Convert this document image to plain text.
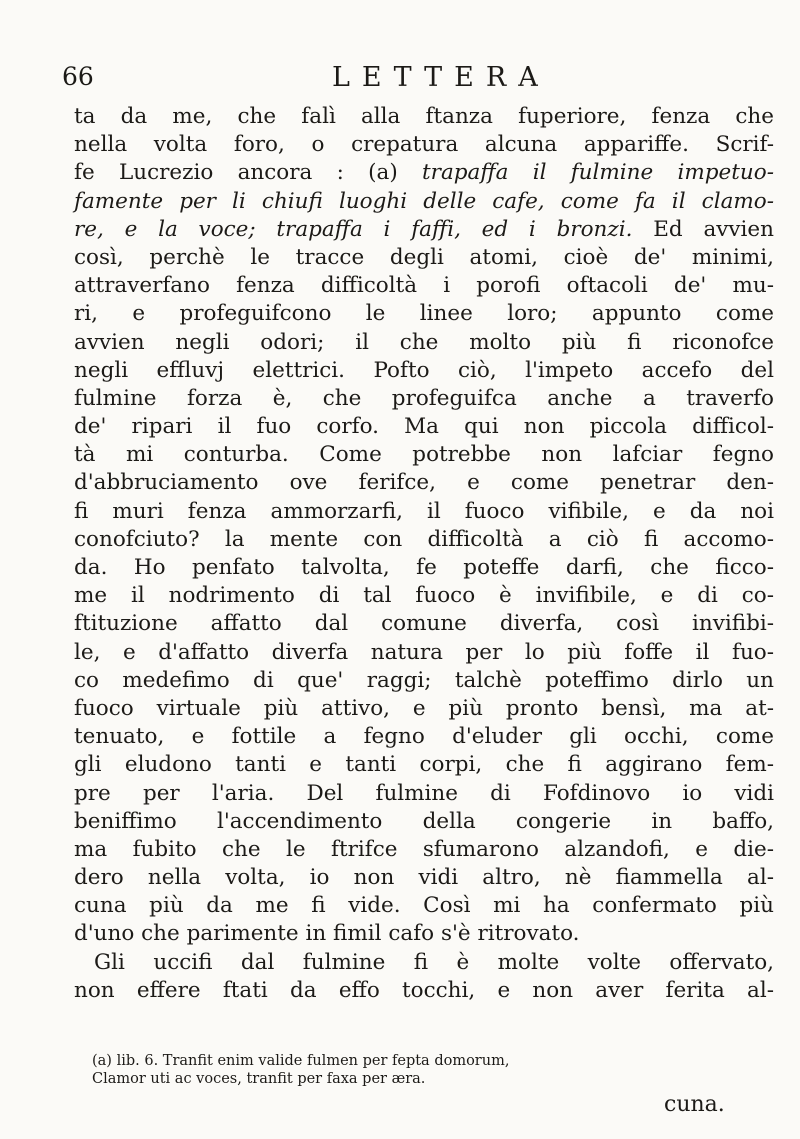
66	LETTERA
ta da me, che falì alla ftanza fuperiore, fenza che
nella volta foro, o crepatura alcuna appariffe. Scrif-
fe Lucrezio ancora : (a) trapaffa il fulmine impetuo-
famente per li chiufi luoghi delle cafe, come fa il clamo-
re, e la voce; trapaffa i faffi, ed i bronzi. Ed avvien
così, perchè le tracce degli atomi, cioè de' minimi,
attraverfano fenza difficoltà i porofi oftacoli de' mu-
ri, e profeguifcono le linee loro; appunto come
avvien negli odori; il che molto più fi riconofce
negli effluvj elettrici. Pofto ciò, l'impeto accefo del
fulmine forza è, che profeguifca anche a traverfo
de' ripari il fuo corfo. Ma qui non piccola difficol-
tà mi conturba. Come potrebbe non lafciar fegno
d'abbruciamento ove ferifce, e come penetrar den-
fi muri fenza ammorzarfi, il fuoco vifibile, e da noi
conofciuto? la mente con difficoltà a ciò fi accomo-
da. Ho penfato talvolta, fe poteffe darfi, che ficco-
me il nodrimento di tal fuoco è invifibile, e di co-
ftituzione affatto dal comune diverfa, così invifibi-
le, e d'affatto diverfa natura per lo più foffe il fuo-
co medefimo di que' raggi; talchè poteffimo dirlo un
fuoco virtuale più attivo, e più pronto bensì, ma at-
tenuato, e fottile a fegno d'eluder gli occhi, come
gli eludono tanti e tanti corpi, che fi aggirano fem-
pre per l'aria. Del fulmine di Fofdinovo io vidi
beniffimo l'accendimento della congerie in baffo,
ma fubito che le ftrifce sfumarono alzandofi, e die-
dero nella volta, io non vidi altro, nè fiammella al-
cuna più da me fi vide. Così mi ha confermato più
d'uno che parimente in fimil cafo s'è ritrovato.
Gli uccifi dal fulmine fi è molte volte offervato,
non effere ftati da effo tocchi, e non aver ferita al-
(a) lib. 6. Tranfit enim valide fulmen per fepta domorum,
Clamor uti ac voces, tranfit per faxa per æra.
cuna.
